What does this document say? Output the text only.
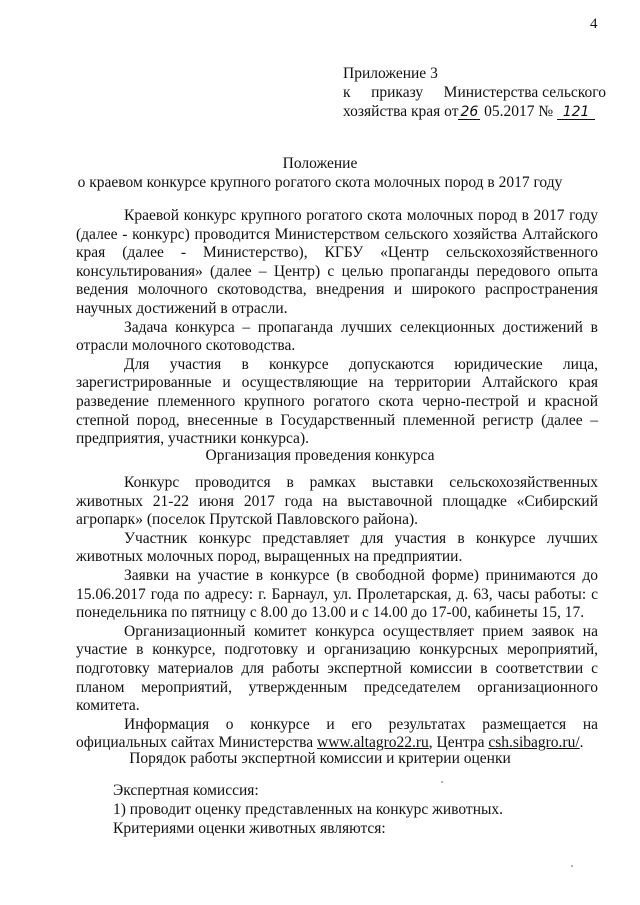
4
Приложение 3
к приказу Министерства сельского
хозяйства края от 26 05.2017 № 121
Положение
о краевом конкурсе крупного рогатого скота молочных пород в 2017 году

Краевой конкурс крупного рогатого скота молочных пород в 2017 году (далее - конкурс) проводится Министерством сельского хозяйства Алтайского края (далее - Министерство), КГБУ «Центр сельскохозяйственного консультирования» (далее – Центр) с целью пропаганды передового опыта ведения молочного скотоводства, внедрения и широкого распространения научных достижений в отрасли.

Задача конкурса – пропаганда лучших селекционных достижений в отрасли молочного скотоводства.

Для участия в конкурсе допускаются юридические лица, зарегистрированные и осуществляющие на территории Алтайского края разведение племенного крупного рогатого скота черно-пестрой и красной степной пород, внесенные в Государственный племенной регистр (далее – предприятия, участники конкурса).

Организация проведения конкурса

Конкурс проводится в рамках выставки сельскохозяйственных животных 21-22 июня 2017 года на выставочной площадке «Сибирский агропарк» (поселок Прутской Павловского района).

Участник конкурс представляет для участия в конкурсе лучших животных молочных пород, выращенных на предприятии.

Заявки на участие в конкурсе (в свободной форме) принимаются до 15.06.2017 года по адресу: г. Барнаул, ул. Пролетарская, д. 63, часы работы: с понедельника по пятницу с 8.00 до 13.00 и с 14.00 до 17-00, кабинеты 15, 17.

Организационный комитет конкурса осуществляет прием заявок на участие в конкурсе, подготовку и организацию конкурсных мероприятий, подготовку материалов для работы экспертной комиссии в соответствии с планом мероприятий, утвержденным председателем организационного комитета.

Информация о конкурсе и его результатах размещается на официальных сайтах Министерства www.altagro22.ru, Центра csh.sibagro.ru/.

Порядок работы экспертной комиссии и критерии оценки
Экспертная комиссия:
1) проводит оценку представленных на конкурс животных.
Критериями оценки животных являются:
